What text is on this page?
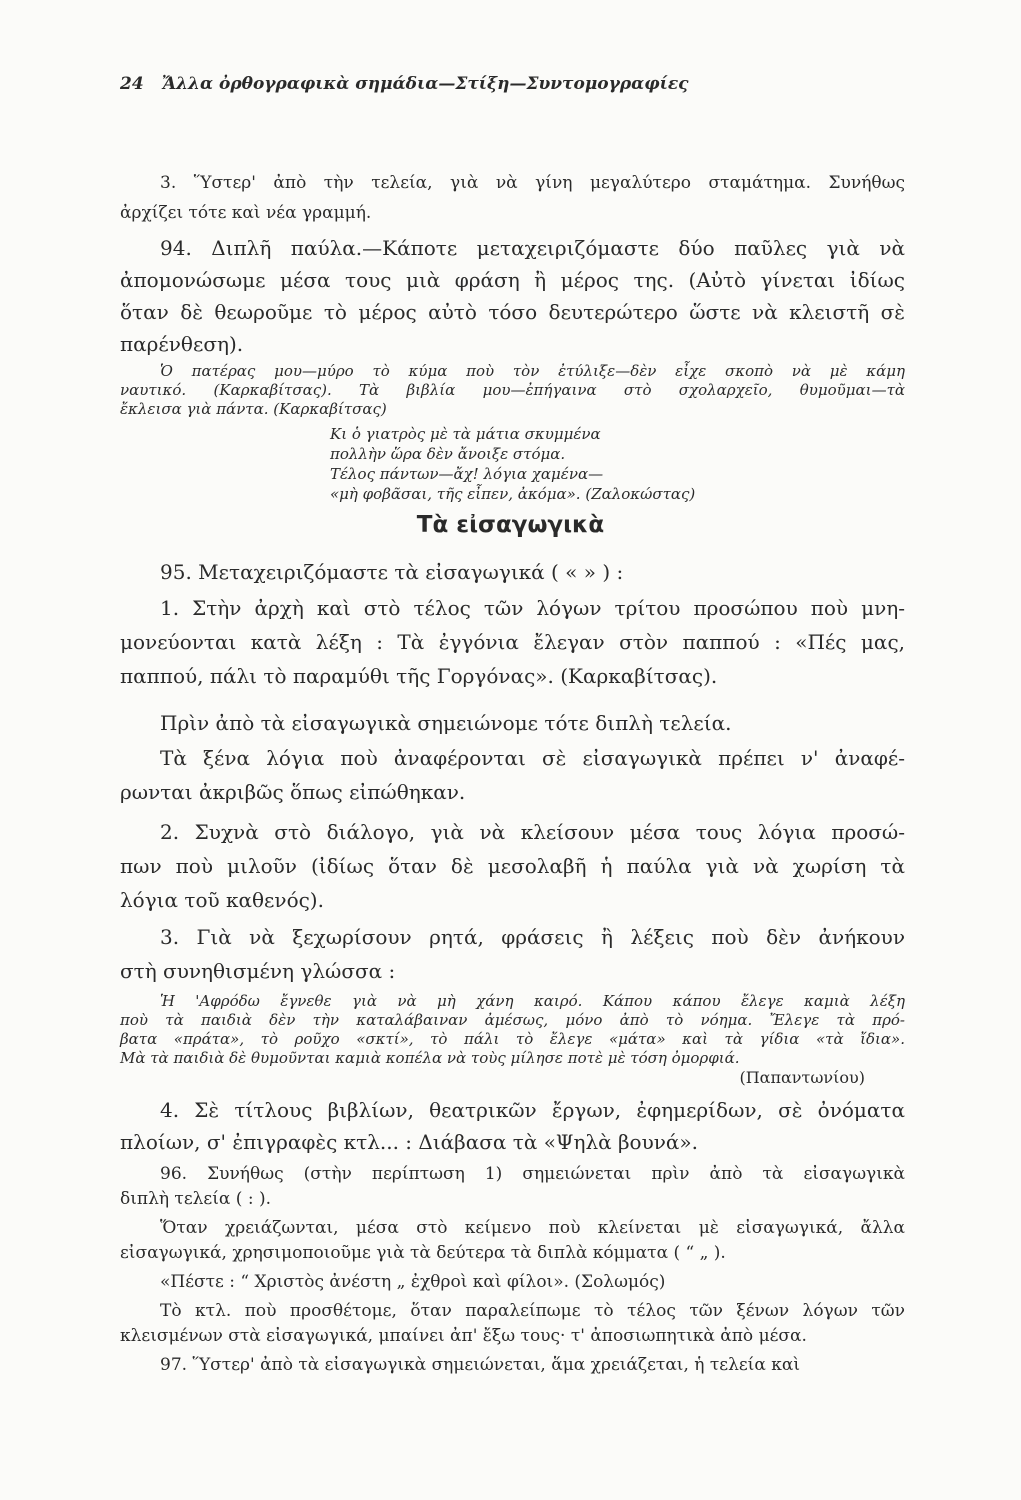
24 Ἄλλα ὀρθογραφικὰ σημάδια—Στίξη—Συντομογραφίες
Τὰ εἰσαγωγικὰ
Κι ὁ γιατρὸς μὲ τὰ μάτια σκυμμένα
πολλὴν ὥρα δὲν ἄνοιξε στόμα.
Τέλος πάντων—ἄχ! λόγια χαμένα—
«μὴ φοβᾶσαι, τῆς εἶπεν, ἀκόμα». (Ζαλοκώστας)
3. Ὕστερ' ἀπὸ τὴν τελεία, γιὰ νὰ γίνη μεγαλύτερο σταμάτημα. Συνήθως
ἀρχίζει τότε καὶ νέα γραμμή.
94. Διπλῆ παύλα.—Κάποτε μεταχειριζόμαστε δύο παῦλες γιὰ νὰ
ἀπομονώσωμε μέσα τους μιὰ φράση ἢ μέρος της. (Αὐτὸ γίνεται ἰδίως
ὅταν δὲ θεωροῦμε τὸ μέρος αὐτὸ τόσο δευτερώτερο ὥστε νὰ κλειστῆ σὲ
παρένθεση).
Ὁ πατέρας μου—μύρο τὸ κύμα ποὺ τὸν ἐτύλιξε—δὲν εἶχε σκοπὸ νὰ μὲ κάμη
ναυτικό. (Καρκαβίτσας). Τὰ βιβλία μου—ἐπήγαινα στὸ σχολαρχεῖο, θυμοῦμαι—τὰ
ἔκλεισα γιὰ πάντα. (Καρκαβίτσας)
95. Μεταχειριζόμαστε τὰ εἰσαγωγικά ( « » ) :
1. Στὴν ἀρχὴ καὶ στὸ τέλος τῶν λόγων τρίτου προσώπου ποὺ μνη-
μονεύονται κατὰ λέξη : Τὰ ἐγγόνια ἔλεγαν στὸν παππού : «Πές μας,
παππού, πάλι τὸ παραμύθι τῆς Γοργόνας». (Καρκαβίτσας).
Πρὶν ἀπὸ τὰ εἰσαγωγικὰ σημειώνομε τότε διπλὴ τελεία.
Τὰ ξένα λόγια ποὺ ἀναφέρονται σὲ εἰσαγωγικὰ πρέπει ν' ἀναφέ-
ρωνται ἀκριβῶς ὅπως εἰπώθηκαν.
2. Συχνὰ στὸ διάλογο, γιὰ νὰ κλείσουν μέσα τους λόγια προσώ-
πων ποὺ μιλοῦν (ἰδίως ὅταν δὲ μεσολαβῆ ἡ παύλα γιὰ νὰ χωρίση τὰ
λόγια τοῦ καθενός).
3. Γιὰ νὰ ξεχωρίσουν ρητά, φράσεις ἢ λέξεις ποὺ δὲν ἀνήκουν
στὴ συνηθισμένη γλώσσα :
Ἡ 'Αφρόδω ἔγνεθε γιὰ νὰ μὴ χάνη καιρό. Κάπου κάπου ἔλεγε καμιὰ λέξη
ποὺ τὰ παιδιὰ δὲν τὴν καταλάβαιναν ἀμέσως, μόνο ἀπὸ τὸ νόημα. Ἔλεγε τὰ πρό-
βατα «πράτα», τὸ ροῦχο «σκτί», τὸ πάλι τὸ ἔλεγε «μάτα» καὶ τὰ γίδια «τὰ ἴδια».
Μὰ τὰ παιδιὰ δὲ θυμοῦνται καμιὰ κοπέλα νὰ τοὺς μίλησε ποτὲ μὲ τόση ὀμορφιά.
(Παπαντωνίου)
4. Σὲ τίτλους βιβλίων, θεατρικῶν ἔργων, ἐφημερίδων, σὲ ὀνόματα
πλοίων, σ' ἐπιγραφὲς κτλ... : Διάβασα τὰ «Ψηλὰ βουνά».
96. Συνήθως (στὴν περίπτωση 1) σημειώνεται πρὶν ἀπὸ τὰ εἰσαγωγικὰ
διπλὴ τελεία ( : ).
Ὅταν χρειάζωνται, μέσα στὸ κείμενο ποὺ κλείνεται μὲ εἰσαγωγικά, ἄλλα
εἰσαγωγικά, χρησιμοποιοῦμε γιὰ τὰ δεύτερα τὰ διπλὰ κόμματα ( “ „ ).
«Πέστε : “ Χριστὸς ἀνέστη „ ἐχθροὶ καὶ φίλοι». (Σολωμός)
Τὸ κτλ. ποὺ προσθέτομε, ὅταν παραλείπωμε τὸ τέλος τῶν ξένων λόγων τῶν
κλεισμένων στὰ εἰσαγωγικά, μπαίνει ἀπ' ἔξω τους· τ' ἀποσιωπητικὰ ἀπὸ μέσα.
97. Ὕστερ' ἀπὸ τὰ εἰσαγωγικὰ σημειώνεται, ἅμα χρειάζεται, ἡ τελεία καὶ
